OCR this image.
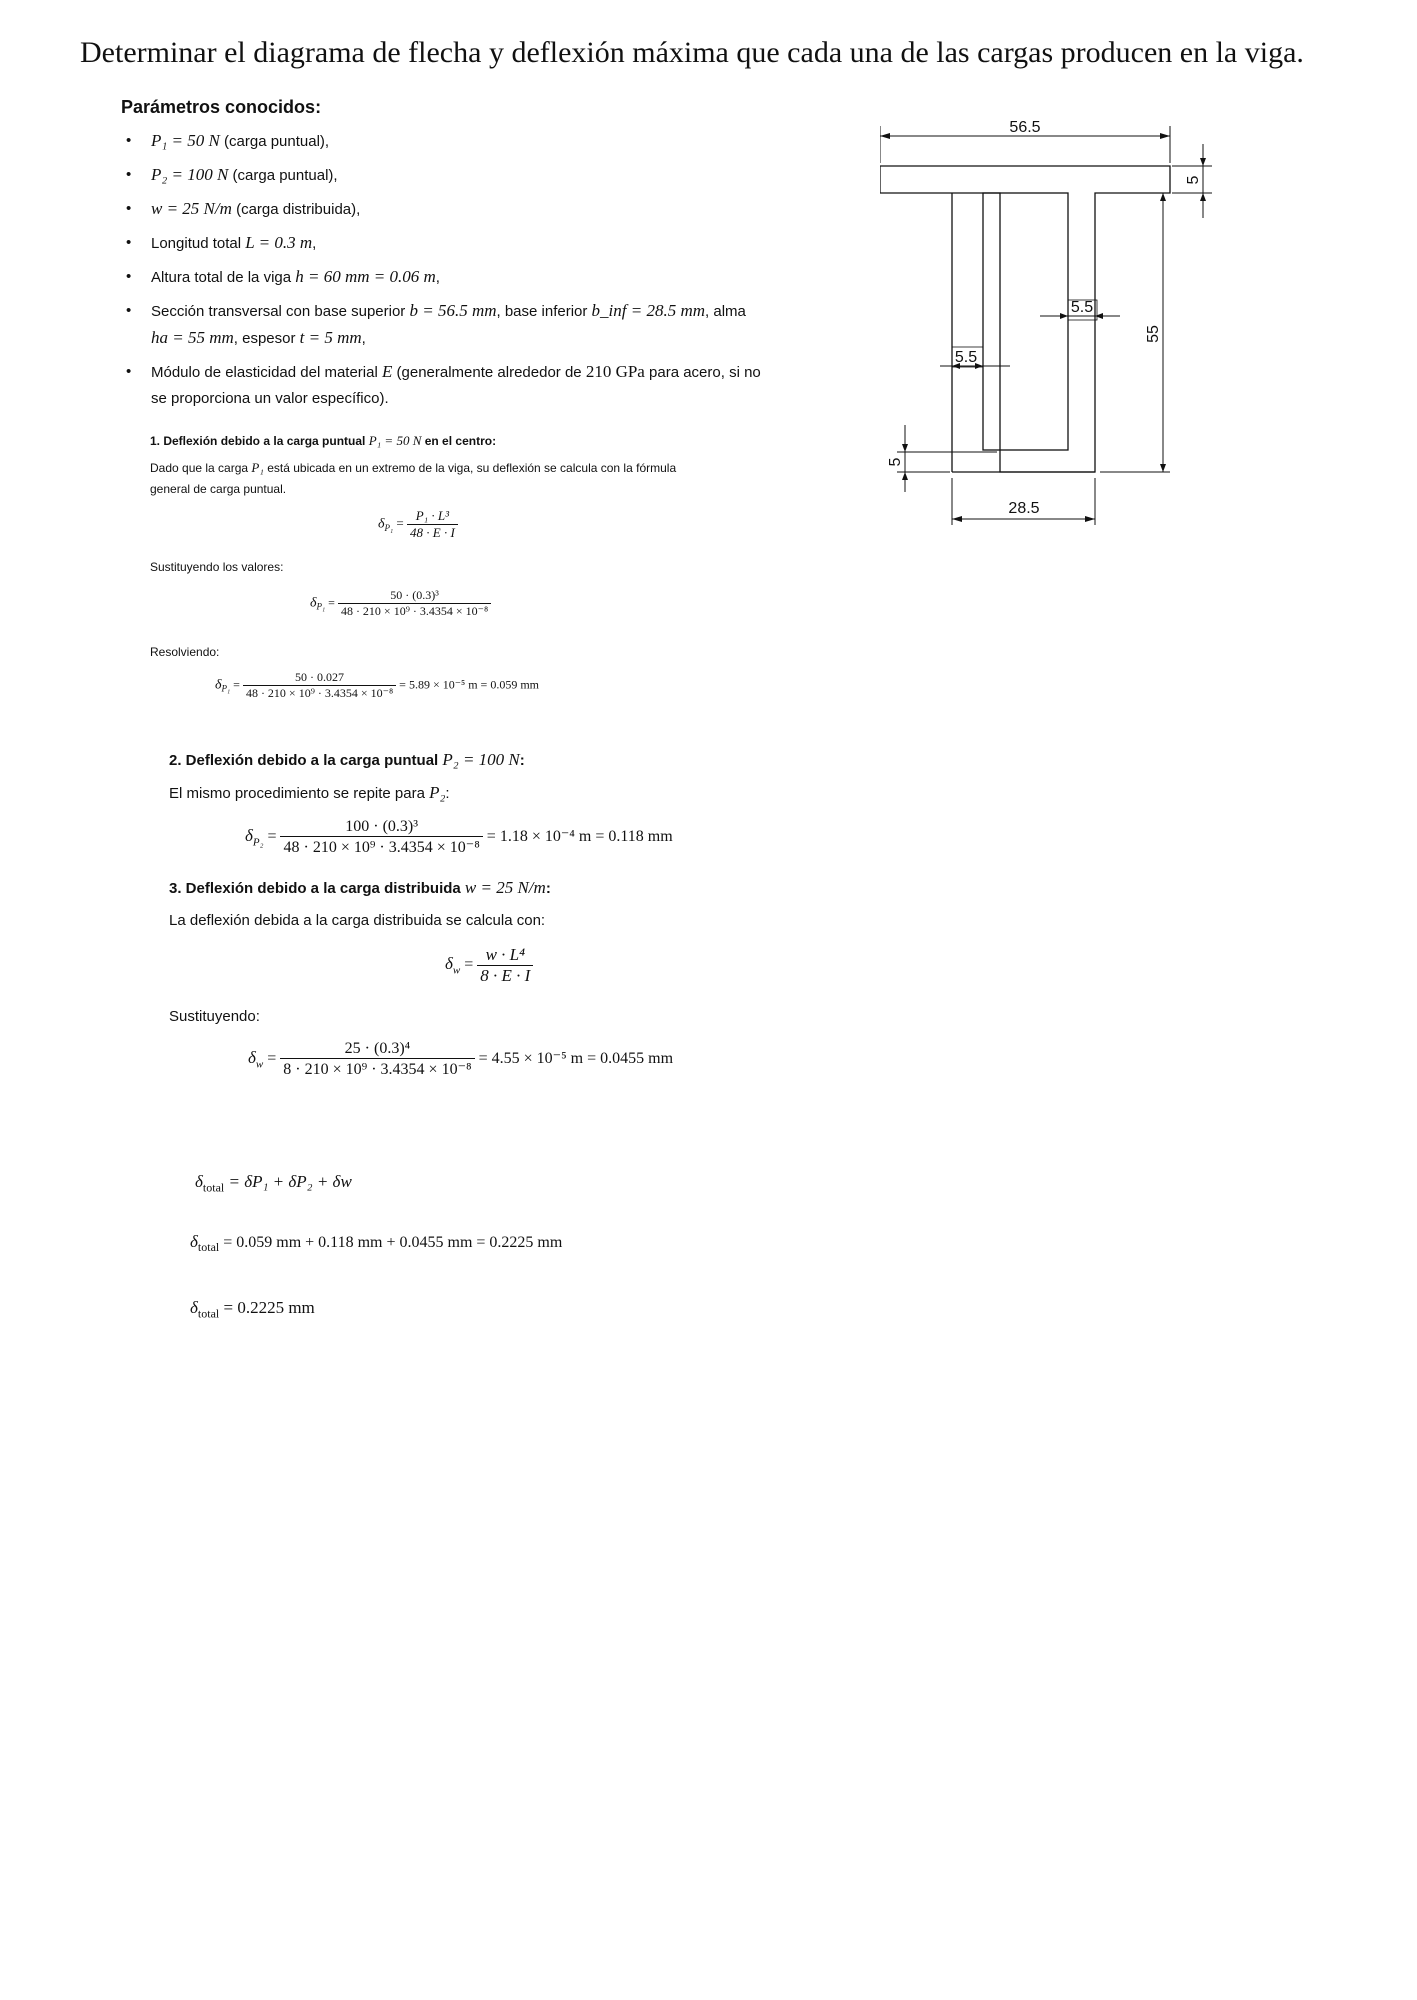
Determinar el diagrama de flecha y deflexión máxima que cada una de las cargas producen en la viga.
Parámetros conocidos:
• P₁ = 50 N (carga puntual),
• P₂ = 100 N (carga puntual),
• w = 25 N/m (carga distribuida),
• Longitud total L = 0.3 m,
• Altura total de la viga h = 60 mm = 0.06 m,
• Sección transversal con base superior b = 56.5 mm, base inferior b_inf = 28.5 mm, alma
ha = 55 mm, espesor t = 5 mm,
• Módulo de elasticidad del material E (generalmente alrededor de 210 GPa para acero, si no
se proporciona un valor específico).
1. Deflexión debido a la carga puntual P₁ = 50 N en el centro:
Dado que la carga P₁ está ubicada en un extremo de la viga, su deflexión se calcula con la fórmula
general de carga puntual.
$\delta_{P_1} = \frac{\text{P₁ · L³}}{48 \cdot E \cdot I}$
Sustituyendo los valores:
$\delta_{P_1} = \frac{\text{50 · (0.3)³}}{\text{48 · 210 × 10⁹ · 3.4354 × 10⁻⁸}}$
Resolviendo:
$\delta_{P_1} = \frac{50 \cdot 0.027}{\text{48 · 210 × 10⁹ · 3.4354 × 10⁻⁸}} = 5.89 \times 10^{-5}$ m = 0.059 mm
2. Deflexión debido a la carga puntual P₂ = 100 N:
El mismo procedimiento se repite para P₂:
$\delta_{P_2} = \frac{\text{100 · (0.3)³}}{\text{48 · 210 × 10⁹ · 3.4354 × 10⁻⁸}} = 1.18 \times 10^{-4}$ m = 0.118 mm
3. Deflexión debido a la carga distribuida w = 25 N/m:
La deflexión debida a la carga distribuida se calcula con:
$\delta_w = \frac{\text{w · L⁴}}{8 \cdot E \cdot I}$
Sustituyendo:
$\delta_w = \frac{\text{25 · (0.3)⁴}}{\text{8 · 210 × 10⁹ · 3.4354 × 10⁻⁸}} = 4.55 \times 10^{-5}$ m = 0.0455 mm
$\delta_{total} = \delta P_1 + \delta P_2 + \delta w$
$\delta_{total} = 0.059$ mm + 0.118 mm + 0.0455 mm = 0.2225 mm
$\delta_{total} = 0.2225$ mm
56.5
5
55
5.5
5.5
5
28.5
